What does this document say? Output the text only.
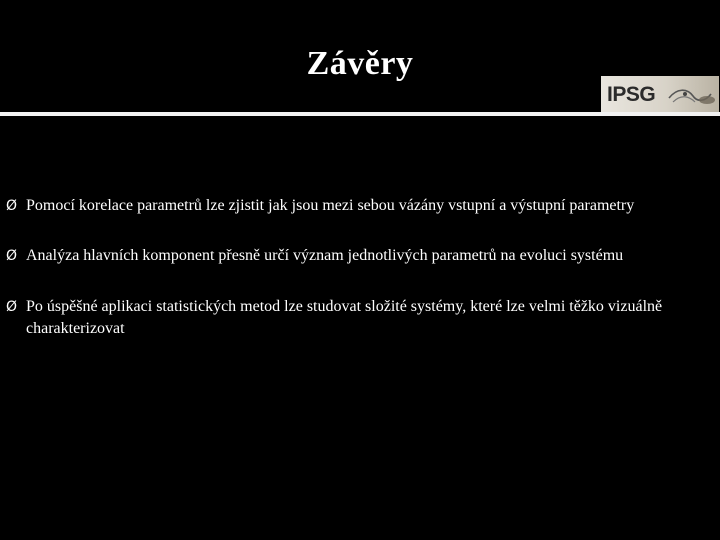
Závěry
IPSG
Ø Pomocí korelace parametrů lze zjistit jak jsou mezi sebou vázány vstupní a výstupní parametry
Ø Analýza hlavních komponent přesně určí význam jednotlivých parametrů na evoluci systému
Ø Po úspěšné aplikaci statistických metod lze studovat složité systémy, které lze velmi těžko vizuálně charakterizovat
